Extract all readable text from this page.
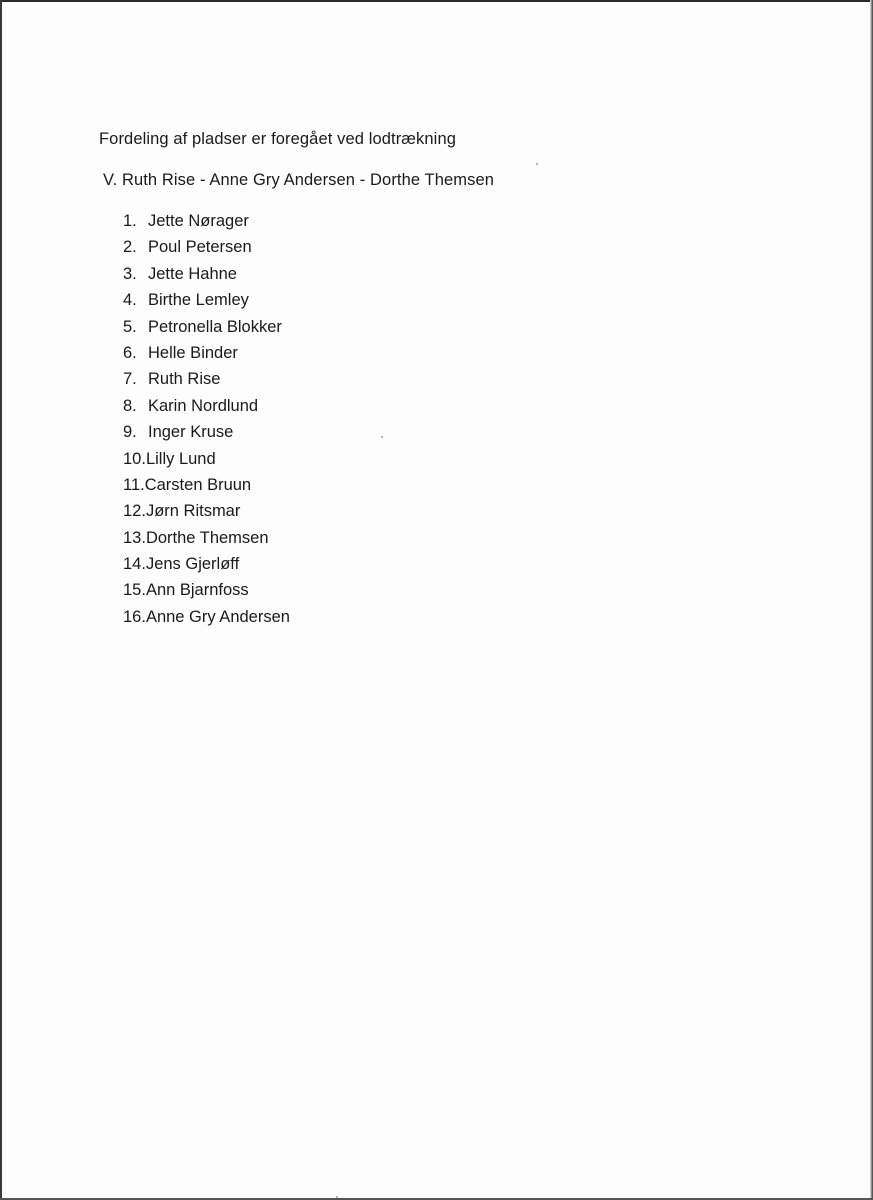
Fordeling af pladser er foregået ved lodtrækning
V. Ruth Rise - Anne Gry Andersen - Dorthe Themsen
1. Jette Nørager
2. Poul Petersen
3. Jette Hahne
4. Birthe Lemley
5. Petronella Blokker
6. Helle Binder
7. Ruth Rise
8. Karin Nordlund
9. Inger Kruse
10. Lilly Lund
11. Carsten Bruun
12. Jørn Ritsmar
13. Dorthe Themsen
14. Jens Gjerløff
15. Ann Bjarnfoss
16. Anne Gry Andersen
